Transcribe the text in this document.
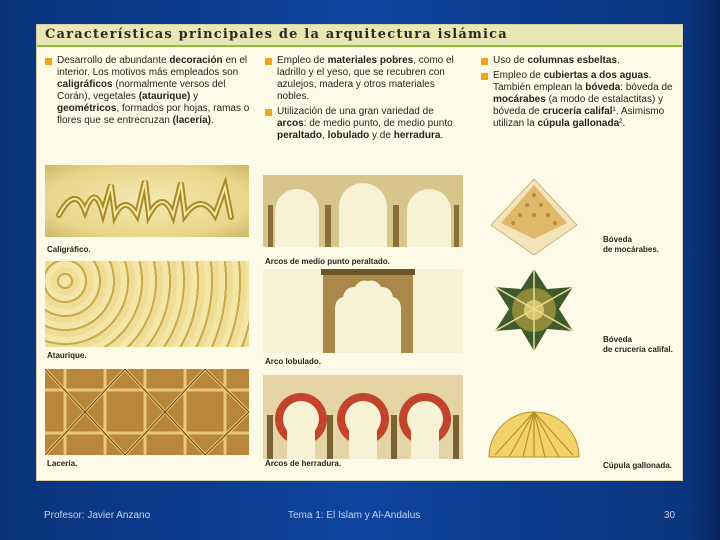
Características principales de la arquitectura islámica
Desarrollo de abundante decoración en el interior. Los motivos más empleados son caligráficos (normalmente versos del Corán), vegetales (ataurique) y geométricos, formados por hojas, ramas o flores que se entrecruzan (lacería).
Empleo de materiales pobres, como el ladrillo y el yeso, que se recubren con azulejos, madera y otros materiales nobles.
Utilización de una gran variedad de arcos: de medio punto, de medio punto peraltado, lobulado y de herradura.
Uso de columnas esbeltas.
Empleo de cubiertas a dos aguas. También emplean la bóveda: bóveda de mocárabes (a modo de estalactitas) y bóveda de crucería califal¹. Asimismo utilizan la cúpula gallonada².
Caligráfico.
Ataurique.
Lacería.
Arcos de medio punto peraltado.
Arco lobulado.
Arcos de herradura.
Bóveda
de mocárabes.
Bóveda
de crucería califal.
Cúpula gallonada.
Profesor: Javier Anzano	Tema 1: El Islam y Al-Andalus	30
